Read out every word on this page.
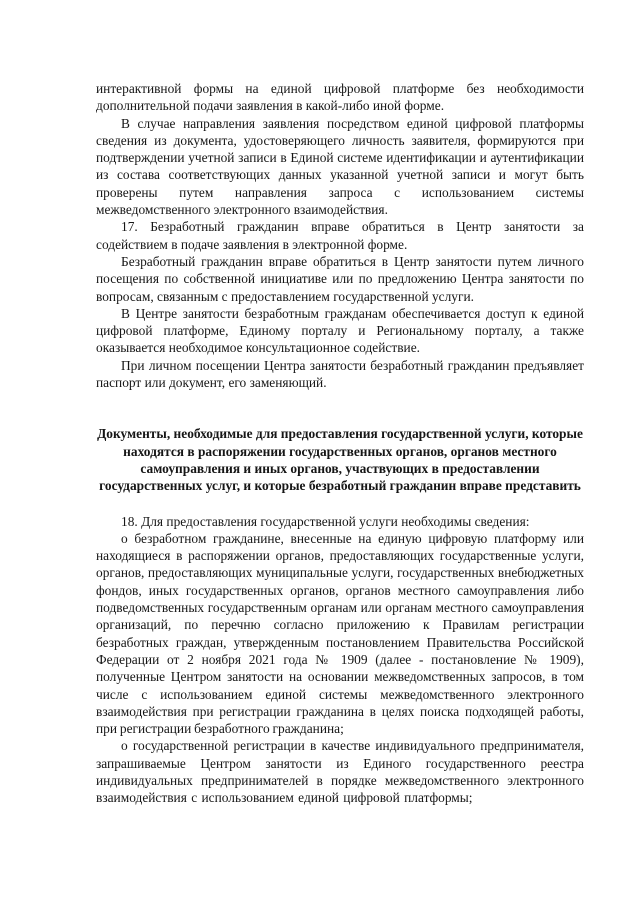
интерактивной формы на единой цифровой платформе без необходимости дополнительной подачи заявления в какой-либо иной форме.

В случае направления заявления посредством единой цифровой платформы сведения из документа, удостоверяющего личность заявителя, формируются при подтверждении учетной записи в Единой системе идентификации и аутентификации из состава соответствующих данных указанной учетной записи и могут быть проверены путем направления запроса с использованием системы межведомственного электронного взаимодействия.

17. Безработный гражданин вправе обратиться в Центр занятости за содействием в подаче заявления в электронной форме.

Безработный гражданин вправе обратиться в Центр занятости путем личного посещения по собственной инициативе или по предложению Центра занятости по вопросам, связанным с предоставлением государственной услуги.

В Центре занятости безработным гражданам обеспечивается доступ к единой цифровой платформе, Единому порталу и Региональному порталу, а также оказывается необходимое консультационное содействие.

При личном посещении Центра занятости безработный гражданин предъявляет паспорт или документ, его заменяющий.

Документы, необходимые для предоставления государственной услуги, которые находятся в распоряжении государственных органов, органов местного самоуправления и иных органов, участвующих в предоставлении государственных услуг, и которые безработный гражданин вправе представить

18. Для предоставления государственной услуги необходимы сведения:

о безработном гражданине, внесенные на единую цифровую платформу или находящиеся в распоряжении органов, предоставляющих государственные услуги, органов, предоставляющих муниципальные услуги, государственных внебюджетных фондов, иных государственных органов, органов местного самоуправления либо подведомственных государственным органам или органам местного самоуправления организаций, по перечню согласно приложению к Правилам регистрации безработных граждан, утвержденным постановлением Правительства Российской Федерации от 2 ноября 2021 года № 1909 (далее - постановление № 1909), полученные Центром занятости на основании межведомственных запросов, в том числе с использованием единой системы межведомственного электронного взаимодействия при регистрации гражданина в целях поиска подходящей работы, при регистрации безработного гражданина;

о государственной регистрации в качестве индивидуального предпринимателя, запрашиваемые Центром занятости из Единого государственного реестра индивидуальных предпринимателей в порядке межведомственного электронного взаимодействия с использованием единой цифровой платформы;
